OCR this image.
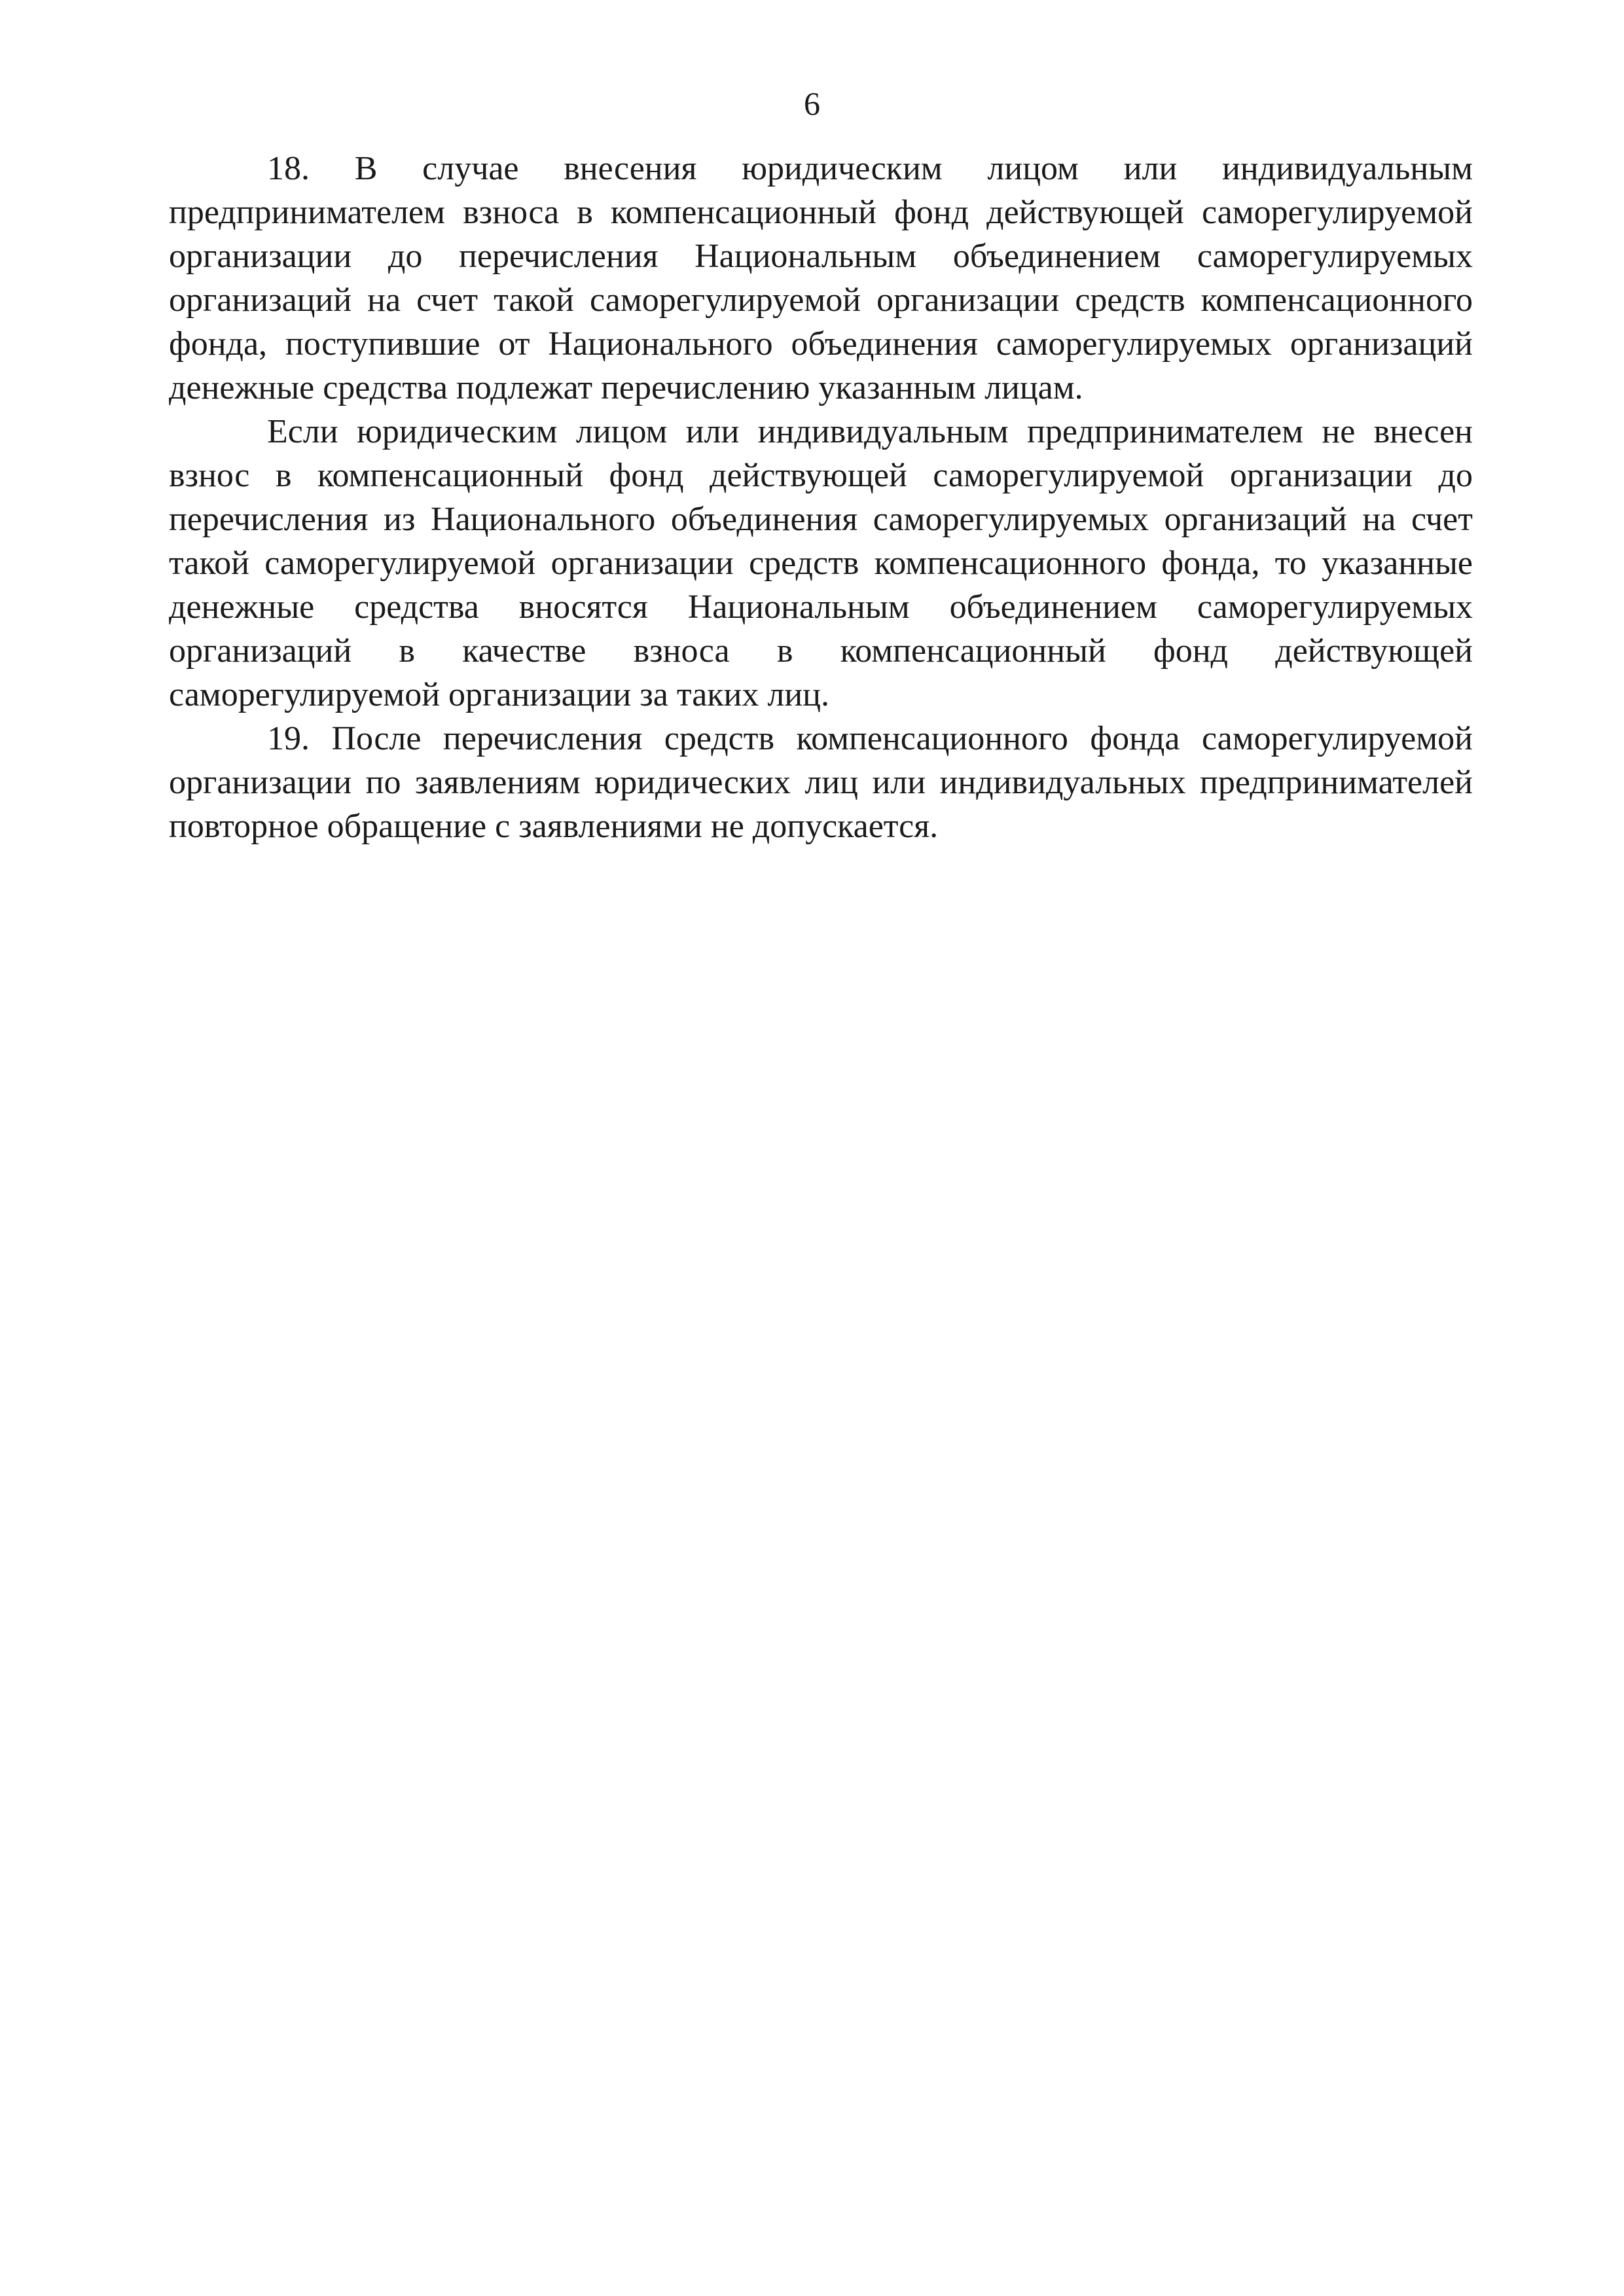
6

18. В случае внесения юридическим лицом или индивидуальным предпринимателем взноса в компенсационный фонд действующей саморегулируемой организации до перечисления Национальным объединением саморегулируемых организаций на счет такой саморегулируемой организации средств компенсационного фонда, поступившие от Национального объединения саморегулируемых организаций денежные средства подлежат перечислению указанным лицам.

Если юридическим лицом или индивидуальным предпринимателем не внесен взнос в компенсационный фонд действующей саморегулируемой организации до перечисления из Национального объединения саморегулируемых организаций на счет такой саморегулируемой организации средств компенсационного фонда, то указанные денежные средства вносятся Национальным объединением саморегулируемых организаций в качестве взноса в компенсационный фонд действующей саморегулируемой организации за таких лиц.

19. После перечисления средств компенсационного фонда саморегулируемой организации по заявлениям юридических лиц или индивидуальных предпринимателей повторное обращение с заявлениями не допускается.
